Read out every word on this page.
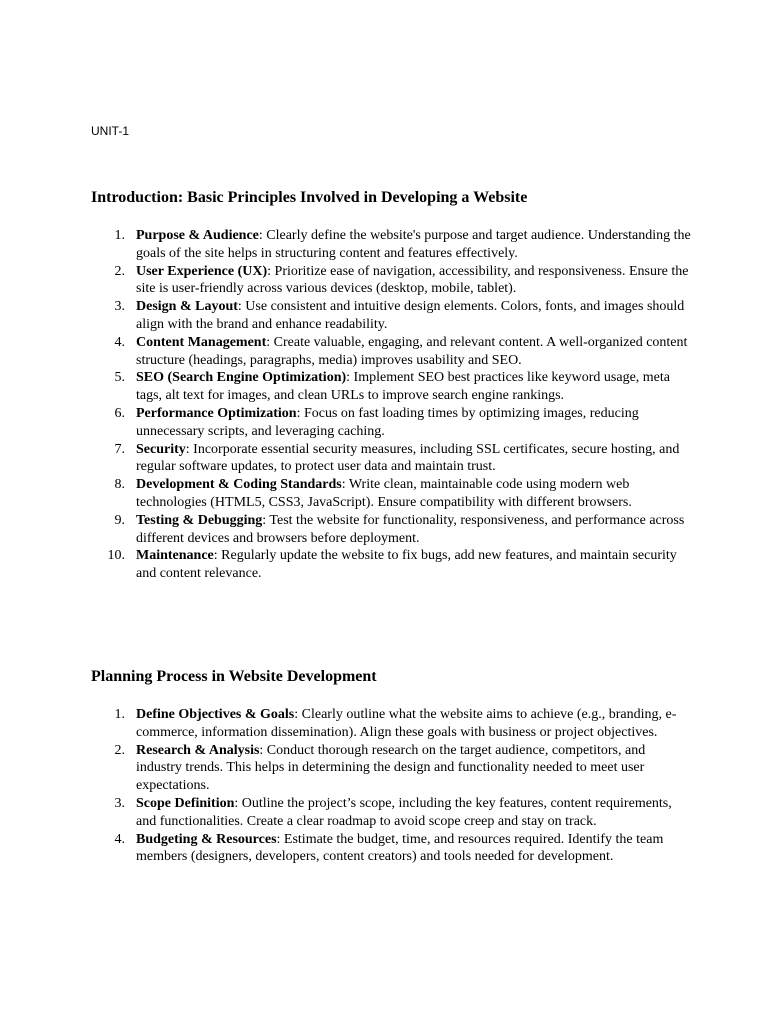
UNIT-1

Introduction: Basic Principles Involved in Developing a Website
1. Purpose & Audience: Clearly define the website's purpose and target audience. Understanding the goals of the site helps in structuring content and features effectively.
2. User Experience (UX): Prioritize ease of navigation, accessibility, and responsiveness. Ensure the site is user-friendly across various devices (desktop, mobile, tablet).
3. Design & Layout: Use consistent and intuitive design elements. Colors, fonts, and images should align with the brand and enhance readability.
4. Content Management: Create valuable, engaging, and relevant content. A well-organized content structure (headings, paragraphs, media) improves usability and SEO.
5. SEO (Search Engine Optimization): Implement SEO best practices like keyword usage, meta tags, alt text for images, and clean URLs to improve search engine rankings.
6. Performance Optimization: Focus on fast loading times by optimizing images, reducing unnecessary scripts, and leveraging caching.
7. Security: Incorporate essential security measures, including SSL certificates, secure hosting, and regular software updates, to protect user data and maintain trust.
8. Development & Coding Standards: Write clean, maintainable code using modern web technologies (HTML5, CSS3, JavaScript). Ensure compatibility with different browsers.
9. Testing & Debugging: Test the website for functionality, responsiveness, and performance across different devices and browsers before deployment.
10. Maintenance: Regularly update the website to fix bugs, add new features, and maintain security and content relevance.
Planning Process in Website Development
1. Define Objectives & Goals: Clearly outline what the website aims to achieve (e.g., branding, e-commerce, information dissemination). Align these goals with business or project objectives.
2. Research & Analysis: Conduct thorough research on the target audience, competitors, and industry trends. This helps in determining the design and functionality needed to meet user expectations.
3. Scope Definition: Outline the project’s scope, including the key features, content requirements, and functionalities. Create a clear roadmap to avoid scope creep and stay on track.
4. Budgeting & Resources: Estimate the budget, time, and resources required. Identify the team members (designers, developers, content creators) and tools needed for development.
